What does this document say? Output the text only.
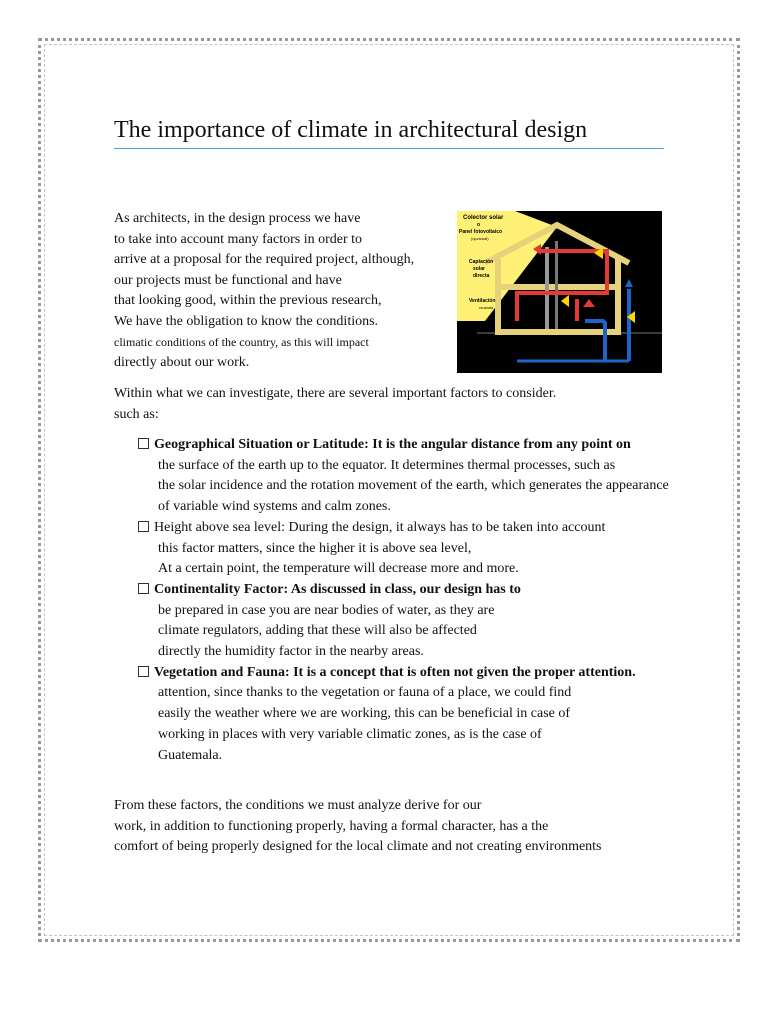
The importance of climate in architectural design

As architects, in the design process we have
to take into account many factors in order to
arrive at a proposal for the required project, although,
our projects must be functional and have
that looking good, within the previous research,
We have the obligation to know the conditions.
climatic conditions of the country, as this will impact
directly about our work.

Colector solar
o
Panel fotovoltaico
(opcional)
Captación
solar
directa
Ventilación
cruzada

Within what we can investigate, there are several important factors to consider.
such as:

Geographical Situation or Latitude: It is the angular distance from any point on
the surface of the earth up to the equator. It determines thermal processes, such as
the solar incidence and the rotation movement of the earth, which generates the appearance
of variable wind systems and calm zones.
Height above sea level: During the design, it always has to be taken into account
this factor matters, since the higher it is above sea level,
At a certain point, the temperature will decrease more and more.
Continentality Factor: As discussed in class, our design has to
be prepared in case you are near bodies of water, as they are
climate regulators, adding that these will also be affected
directly the humidity factor in the nearby areas.
Vegetation and Fauna: It is a concept that is often not given the proper attention.
attention, since thanks to the vegetation or fauna of a place, we could find
easily the weather where we are working, this can be beneficial in case of
working in places with very variable climatic zones, as is the case of
Guatemala.

From these factors, the conditions we must analyze derive for our
work, in addition to functioning properly, having a formal character, has a the
comfort of being properly designed for the local climate and not creating environments
